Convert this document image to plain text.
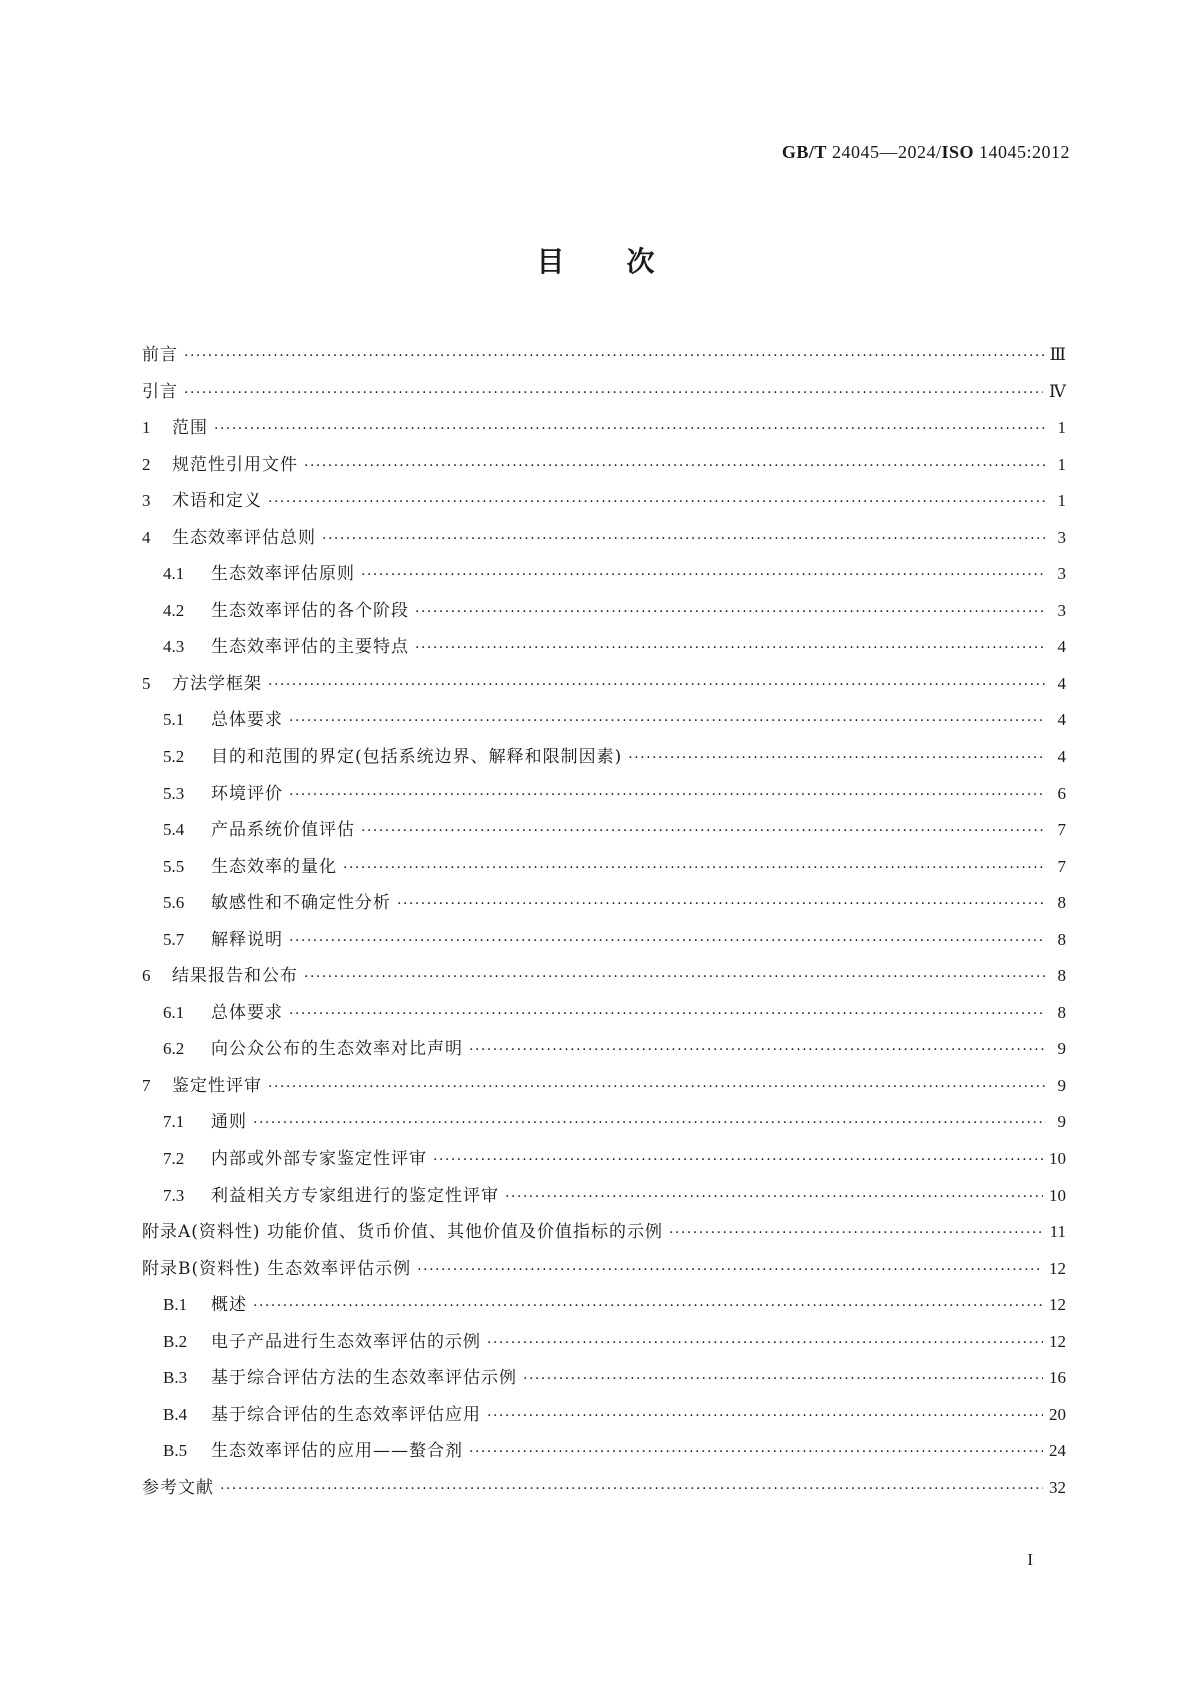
GB/T 24045—2024/ISO 14045:2012
目次
前言 ·····	Ⅲ
引言 ·····	Ⅳ
1	范围 ·····	1
2	规范性引用文件 ·····	1
3	术语和定义 ·····	1
4	生态效率评估总则 ·····	3
4.1	生态效率评估原则 ·····	3
4.2	生态效率评估的各个阶段 ·····	3
4.3	生态效率评估的主要特点 ·····	4
5	方法学框架 ·····	4
5.1	总体要求 ·····	4
5.2	目的和范围的界定(包括系统边界、解释和限制因素) ·····	4
5.3	环境评价 ·····	6
5.4	产品系统价值评估 ·····	7
5.5	生态效率的量化 ·····	7
5.6	敏感性和不确定性分析 ·····	8
5.7	解释说明 ·····	8
6	结果报告和公布 ·····	8
6.1	总体要求 ·····	8
6.2	向公众公布的生态效率对比声明 ·····	9
7	鉴定性评审 ·····	9
7.1	通则 ·····	9
7.2	内部或外部专家鉴定性评审 ·····	10
7.3	利益相关方专家组进行的鉴定性评审 ·····	10
附录A(资料性) 功能价值、货币价值、其他价值及价值指标的示例 ·····	11
附录B(资料性) 生态效率评估示例 ·····	12
B.1	概述 ·····	12
B.2	电子产品进行生态效率评估的示例 ·····	12
B.3	基于综合评估方法的生态效率评估示例 ·····	16
B.4	基于综合评估的生态效率评估应用 ·····	20
B.5	生态效率评估的应用——螯合剂 ·····	24
参考文献 ·····	32
I
